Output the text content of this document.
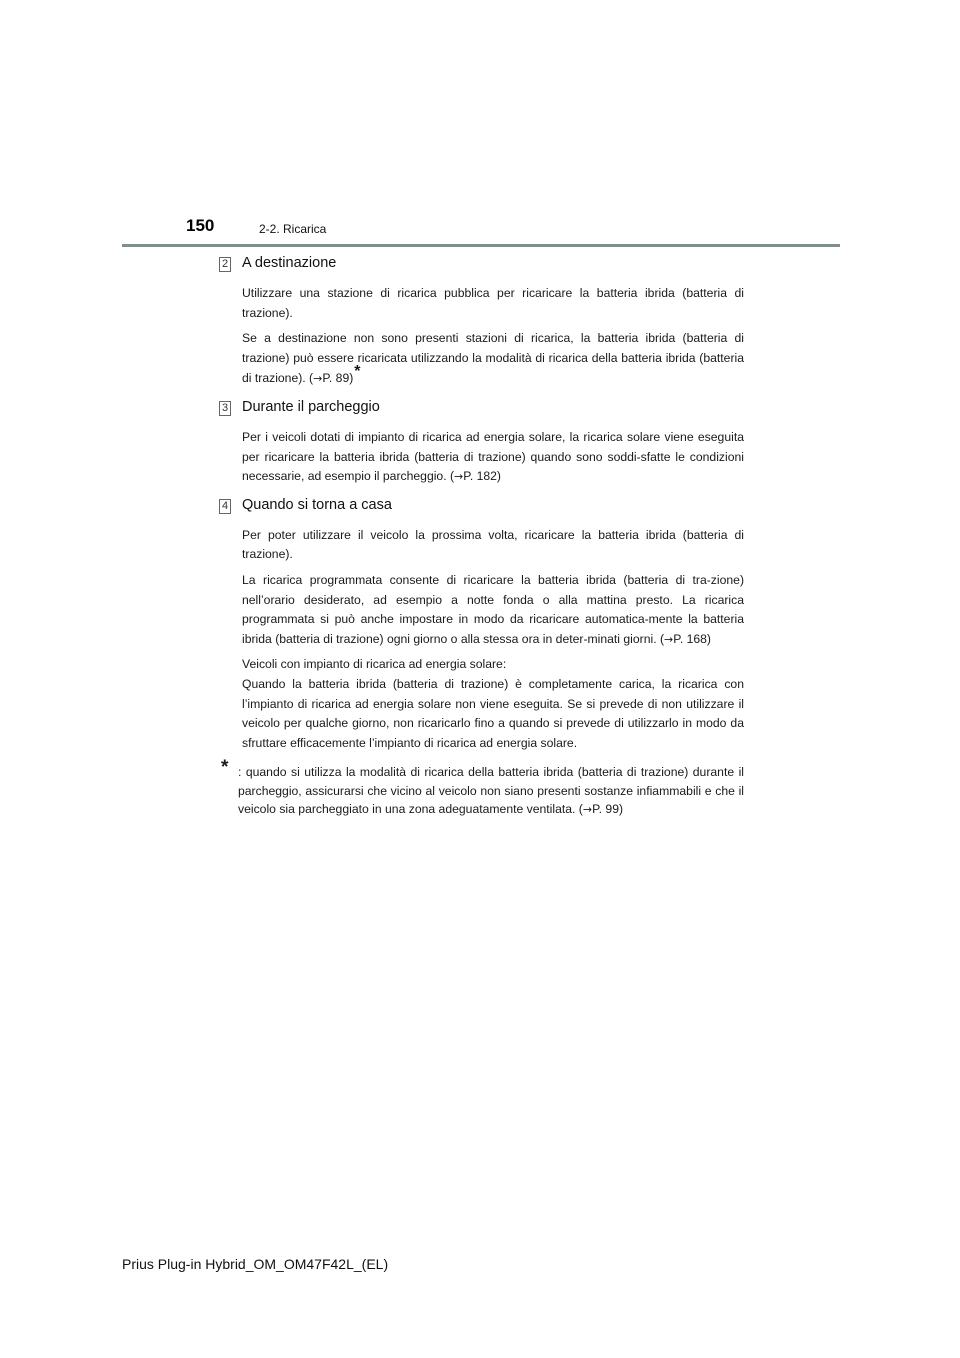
150	2-2. Ricarica
2 A destinazione

Utilizzare una stazione di ricarica pubblica per ricaricare la batteria ibrida (batteria di trazione).

Se a destinazione non sono presenti stazioni di ricarica, la batteria ibrida (batteria di trazione) può essere ricaricata utilizzando la modalità di ricarica della batteria ibrida (batteria di trazione). (→P. 89)*

3 Durante il parcheggio

Per i veicoli dotati di impianto di ricarica ad energia solare, la ricarica solare viene eseguita per ricaricare la batteria ibrida (batteria di trazione) quando sono soddi-sfatte le condizioni necessarie, ad esempio il parcheggio. (→P. 182)

4 Quando si torna a casa

Per poter utilizzare il veicolo la prossima volta, ricaricare la batteria ibrida (batteria di trazione).

La ricarica programmata consente di ricaricare la batteria ibrida (batteria di tra-zione) nell’orario desiderato, ad esempio a notte fonda o alla mattina presto. La ricarica programmata si può anche impostare in modo da ricaricare automatica-mente la batteria ibrida (batteria di trazione) ogni giorno o alla stessa ora in deter-minati giorni. (→P. 168)

Veicoli con impianto di ricarica ad energia solare:
Quando la batteria ibrida (batteria di trazione) è completamente carica, la ricarica con l’impianto di ricarica ad energia solare non viene eseguita. Se si prevede di non utilizzare il veicolo per qualche giorno, non ricaricarlo fino a quando si prevede di utilizzarlo in modo da sfruttare efficacemente l’impianto di ricarica ad energia solare.

* : quando si utilizza la modalità di ricarica della batteria ibrida (batteria di trazione) durante il parcheggio, assicurarsi che vicino al veicolo non siano presenti sostanze infiammabili e che il veicolo sia parcheggiato in una zona adeguatamente ventilata. (→P. 99)
Prius Plug-in Hybrid_OM_OM47F42L_(EL)
